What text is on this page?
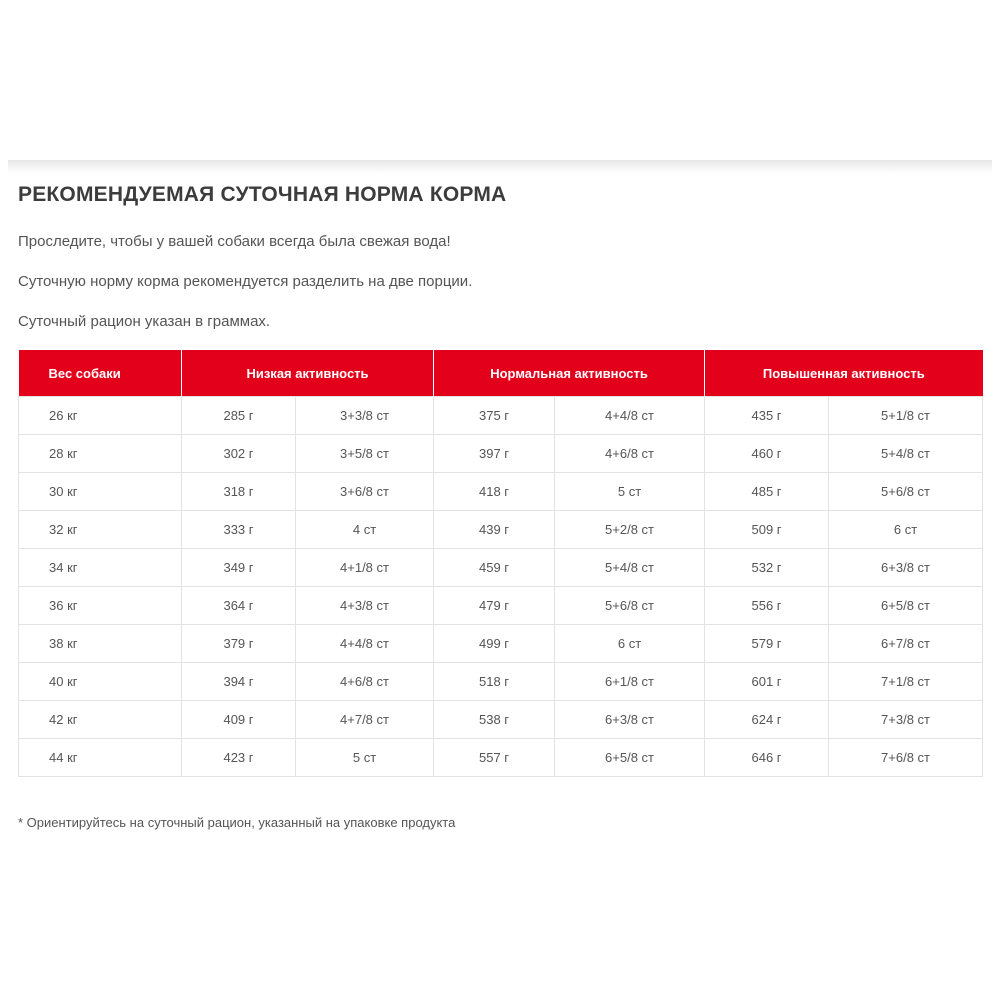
РЕКОМЕНДУЕМАЯ СУТОЧНАЯ НОРМА КОРМА

Проследите, чтобы у вашей собаки всегда была свежая вода!

Суточную норму корма рекомендуется разделить на две порции.

Суточный рацион указан в граммах.

Вес собаки	Низкая активность		Нормальная активность		Повышенная активность	
26 кг	285 г	3+3/8 ст	375 г	4+4/8 ст	435 г	5+1/8 ст
28 кг	302 г	3+5/8 ст	397 г	4+6/8 ст	460 г	5+4/8 ст
30 кг	318 г	3+6/8 ст	418 г	5 ст	485 г	5+6/8 ст
32 кг	333 г	4 ст	439 г	5+2/8 ст	509 г	6 ст
34 кг	349 г	4+1/8 ст	459 г	5+4/8 ст	532 г	6+3/8 ст
36 кг	364 г	4+3/8 ст	479 г	5+6/8 ст	556 г	6+5/8 ст
38 кг	379 г	4+4/8 ст	499 г	6 ст	579 г	6+7/8 ст
40 кг	394 г	4+6/8 ст	518 г	6+1/8 ст	601 г	7+1/8 ст
42 кг	409 г	4+7/8 ст	538 г	6+3/8 ст	624 г	7+3/8 ст
44 кг	423 г	5 ст	557 г	6+5/8 ст	646 г	7+6/8 ст

* Ориентируйтесь на суточный рацион, указанный на упаковке продукта
